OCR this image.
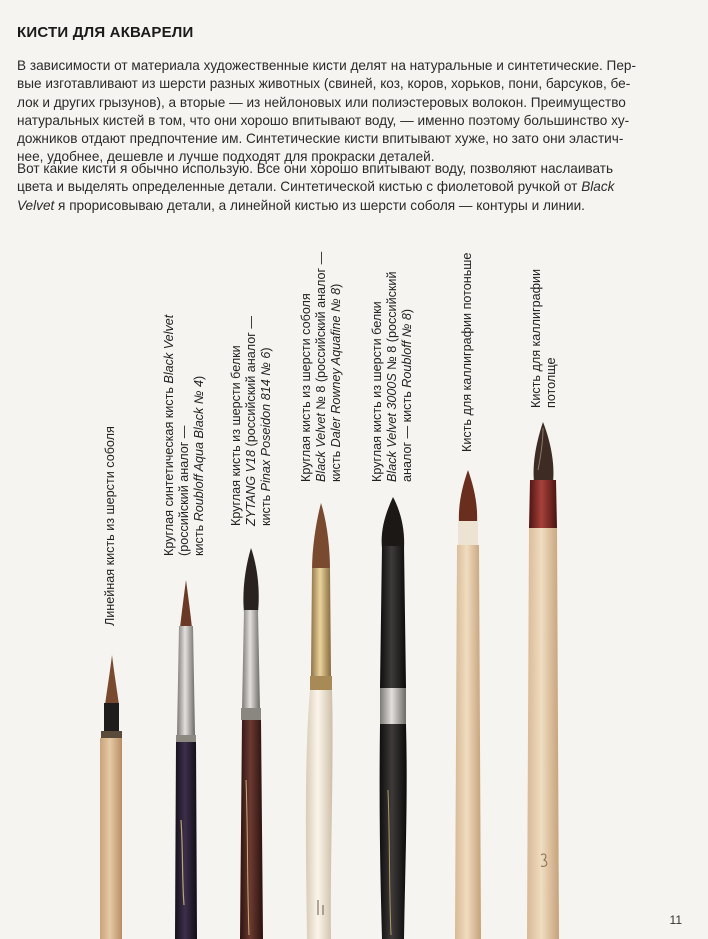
КИСТИ ДЛЯ АКВАРЕЛИ

В зависимости от материала художественные кисти делят на натуральные и синтетические. Пер-
вые изготавливают из шерсти разных животных (свиней, коз, коров, хорьков, пони, барсуков, бе-
лок и других грызунов), а вторые — из нейлоновых или полиэстеровых волокон. Преимущество
натуральных кистей в том, что они хорошо впитывают воду, — именно поэтому большинство ху-
дожников отдают предпочтение им. Синтетические кисти впитывают хуже, но зато они эластич-
нее, удобнее, дешевле и лучше подходят для прокраски деталей.

Вот какие кисти я обычно использую. Все они хорошо впитывают воду, позволяют наслаивать
цвета и выделять определенные детали. Синтетической кистью с фиолетовой ручкой от Black
Velvet я прорисовываю детали, а линейной кистью из шерсти соболя — контуры и линии.

Линейная кисть из шерсти соболя	Круглая синтетическая кисть Black Velvet
(российский аналог — кисть Roubloff Aqua Black № 4) Круглая кисть из шерсти белки ZYTANG V18 (российский аналог —
кисть Pinax Poseidon 814 № 6) Круглая кисть из шерсти соболя Black Velvet № 8 (российский аналог —
кисть Daler Rowney Aquafine № 8)
Круглая кисть из шерсти белки Black Velvet 3000S № 8 (российский
аналог — кисть Roubloff № 8)	Кисть для каллиграфии потоньше	Кисть для каллиграфии потолще
11
